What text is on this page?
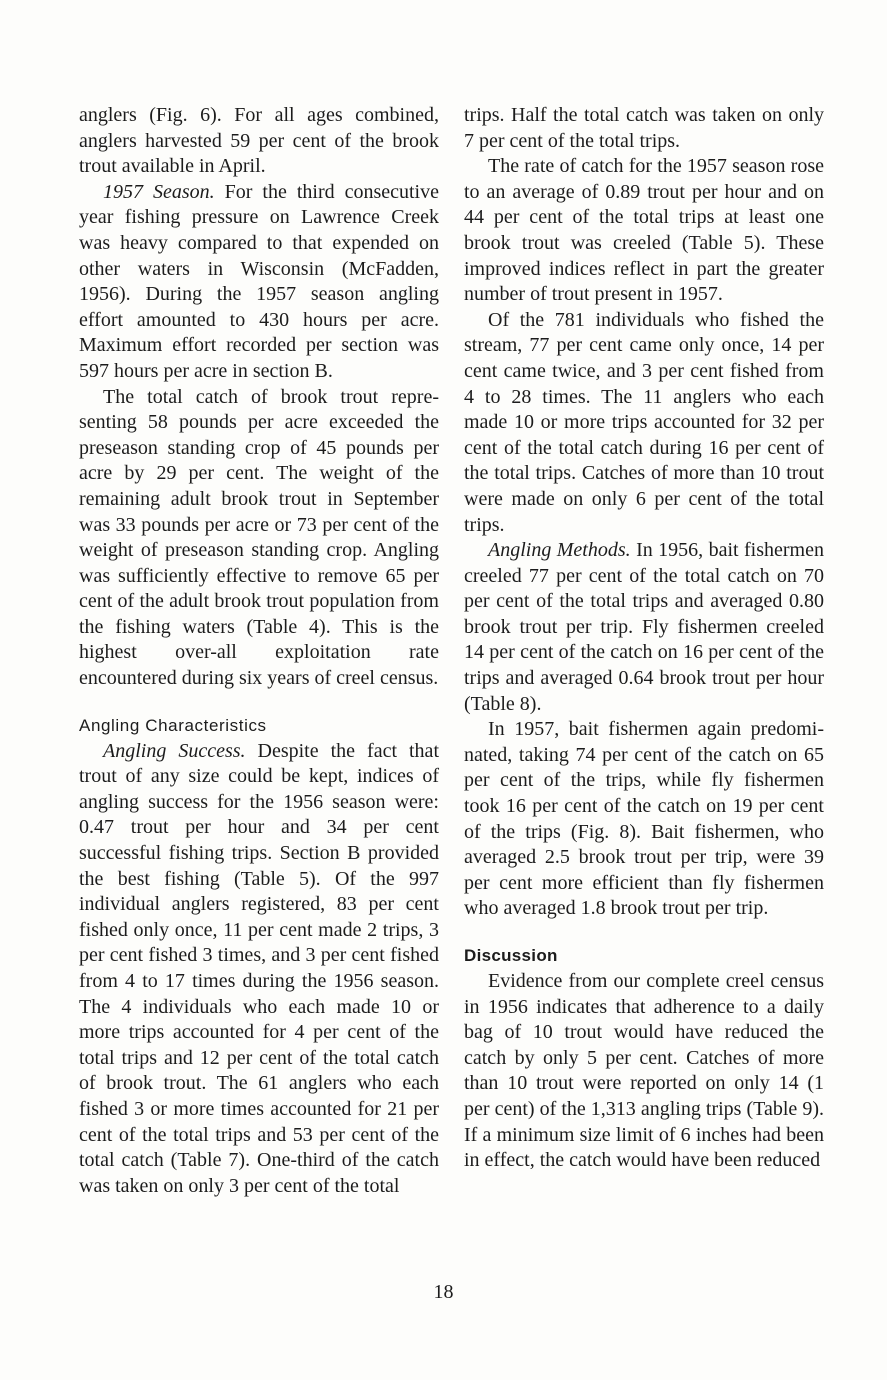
anglers (Fig. 6). For all ages combined, anglers harvested 59 per cent of the brook trout available in April.

1957 Season. For the third consecutive year fishing pressure on Lawrence Creek was heavy compared to that expended on other waters in Wisconsin (McFadden, 1956). During the 1957 season angling effort amounted to 430 hours per acre. Maximum effort recorded per section was 597 hours per acre in section B.

The total catch of brook trout representing 58 pounds per acre exceeded the preseason standing crop of 45 pounds per acre by 29 per cent. The weight of the remaining adult brook trout in September was 33 pounds per acre or 73 per cent of the weight of preseason standing crop. Angling was sufficiently effective to remove 65 per cent of the adult brook trout population from the fishing waters (Table 4). This is the highest over-all exploitation rate encountered during six years of creel census.

Angling Characteristics

Angling Success. Despite the fact that trout of any size could be kept, indices of angling success for the 1956 season were: 0.47 trout per hour and 34 per cent successful fishing trips. Section B provided the best fishing (Table 5). Of the 997 individual anglers registered, 83 per cent fished only once, 11 per cent made 2 trips, 3 per cent fished 3 times, and 3 per cent fished from 4 to 17 times during the 1956 season. The 4 individuals who each made 10 or more trips accounted for 4 per cent of the total trips and 12 per cent of the total catch of brook trout. The 61 anglers who each fished 3 or more times accounted for 21 per cent of the total trips and 53 per cent of the total catch (Table 7). One-third of the catch was taken on only 3 per cent of the total

trips. Half the total catch was taken on only 7 per cent of the total trips.

The rate of catch for the 1957 season rose to an average of 0.89 trout per hour and on 44 per cent of the total trips at least one brook trout was creeled (Table 5). These improved indices reflect in part the greater number of trout present in 1957.

Of the 781 individuals who fished the stream, 77 per cent came only once, 14 per cent came twice, and 3 per cent fished from 4 to 28 times. The 11 anglers who each made 10 or more trips accounted for 32 per cent of the total catch during 16 per cent of the total trips. Catches of more than 10 trout were made on only 6 per cent of the total trips.

Angling Methods. In 1956, bait fishermen creeled 77 per cent of the total catch on 70 per cent of the total trips and averaged 0.80 brook trout per trip. Fly fishermen creeled 14 per cent of the catch on 16 per cent of the trips and averaged 0.64 brook trout per hour (Table 8).

In 1957, bait fishermen again predominated, taking 74 per cent of the catch on 65 per cent of the trips, while fly fishermen took 16 per cent of the catch on 19 per cent of the trips (Fig. 8). Bait fishermen, who averaged 2.5 brook trout per trip, were 39 per cent more efficient than fly fishermen who averaged 1.8 brook trout per trip.

Discussion

Evidence from our complete creel census in 1956 indicates that adherence to a daily bag of 10 trout would have reduced the catch by only 5 per cent. Catches of more than 10 trout were reported on only 14 (1 per cent) of the 1,313 angling trips (Table 9). If a minimum size limit of 6 inches had been in effect, the catch would have been reduced

18
